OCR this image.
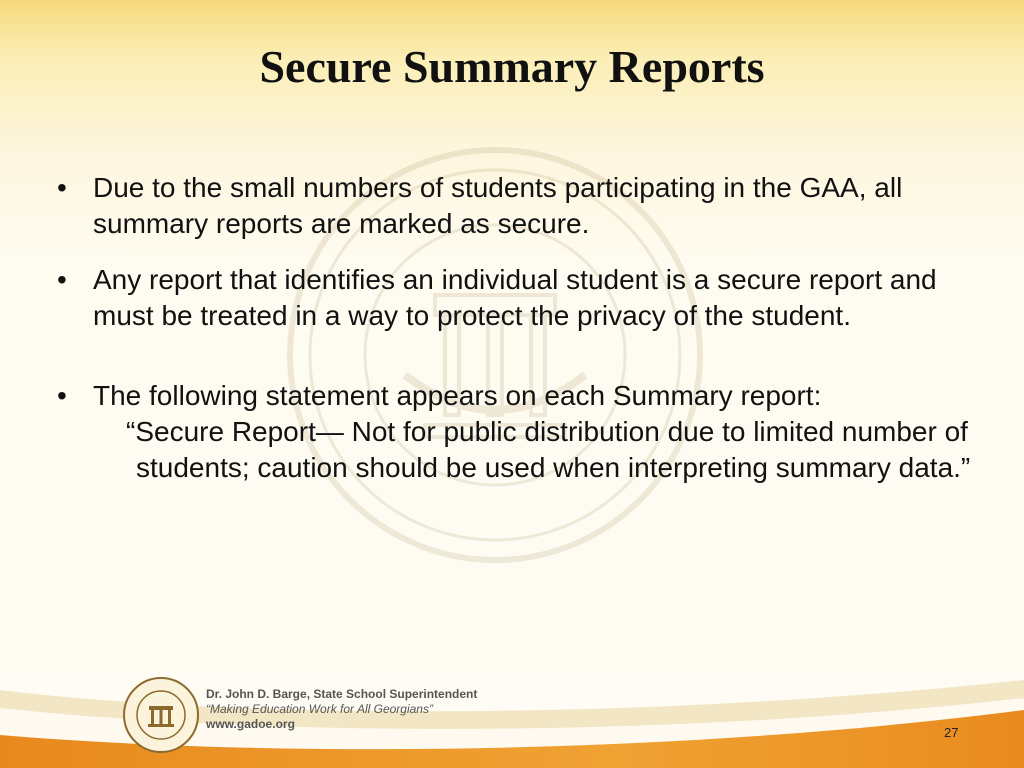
Secure Summary Reports
• Due to the small numbers of students participating in the GAA, all summary reports are marked as secure.
• Any report that identifies an individual student is a secure report and must be treated in a way to protect the privacy of the student.
• The following statement appears on each Summary report:
“Secure Report— Not for public distribution due to limited number of students; caution should be used when interpreting summary data.”
Dr. John D. Barge, State School Superintendent
“Making Education Work for All Georgians”
www.gadoe.org
27
